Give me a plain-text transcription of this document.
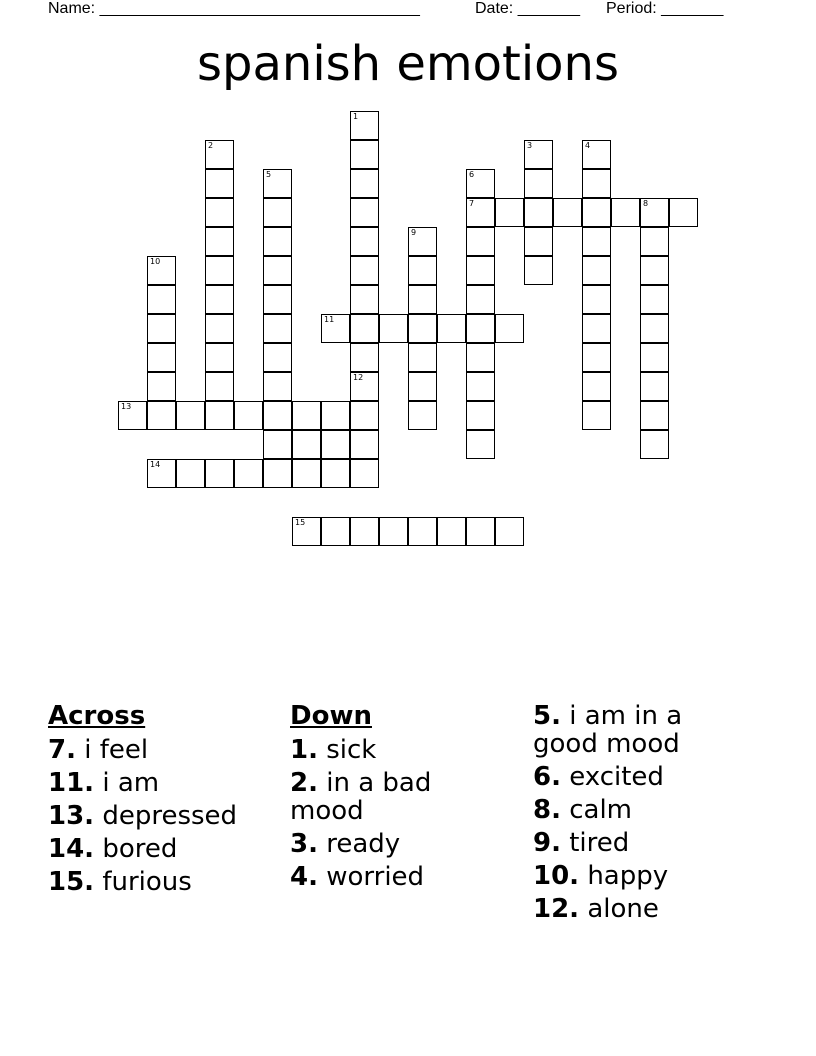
Name: ____________________________________	Date: _______ Period: _______
spanish emotions
1
12
2	3	4
5	6
7	8
9
10
11
13
14
15
Across
7. i feel
11. i am
13. depressed
14. bored
15. furious
Down
1. sick
2. in a bad mood
3. ready
4. worried
5. i am in a good mood
6. excited
8. calm
9. tired
10. happy
12. alone
